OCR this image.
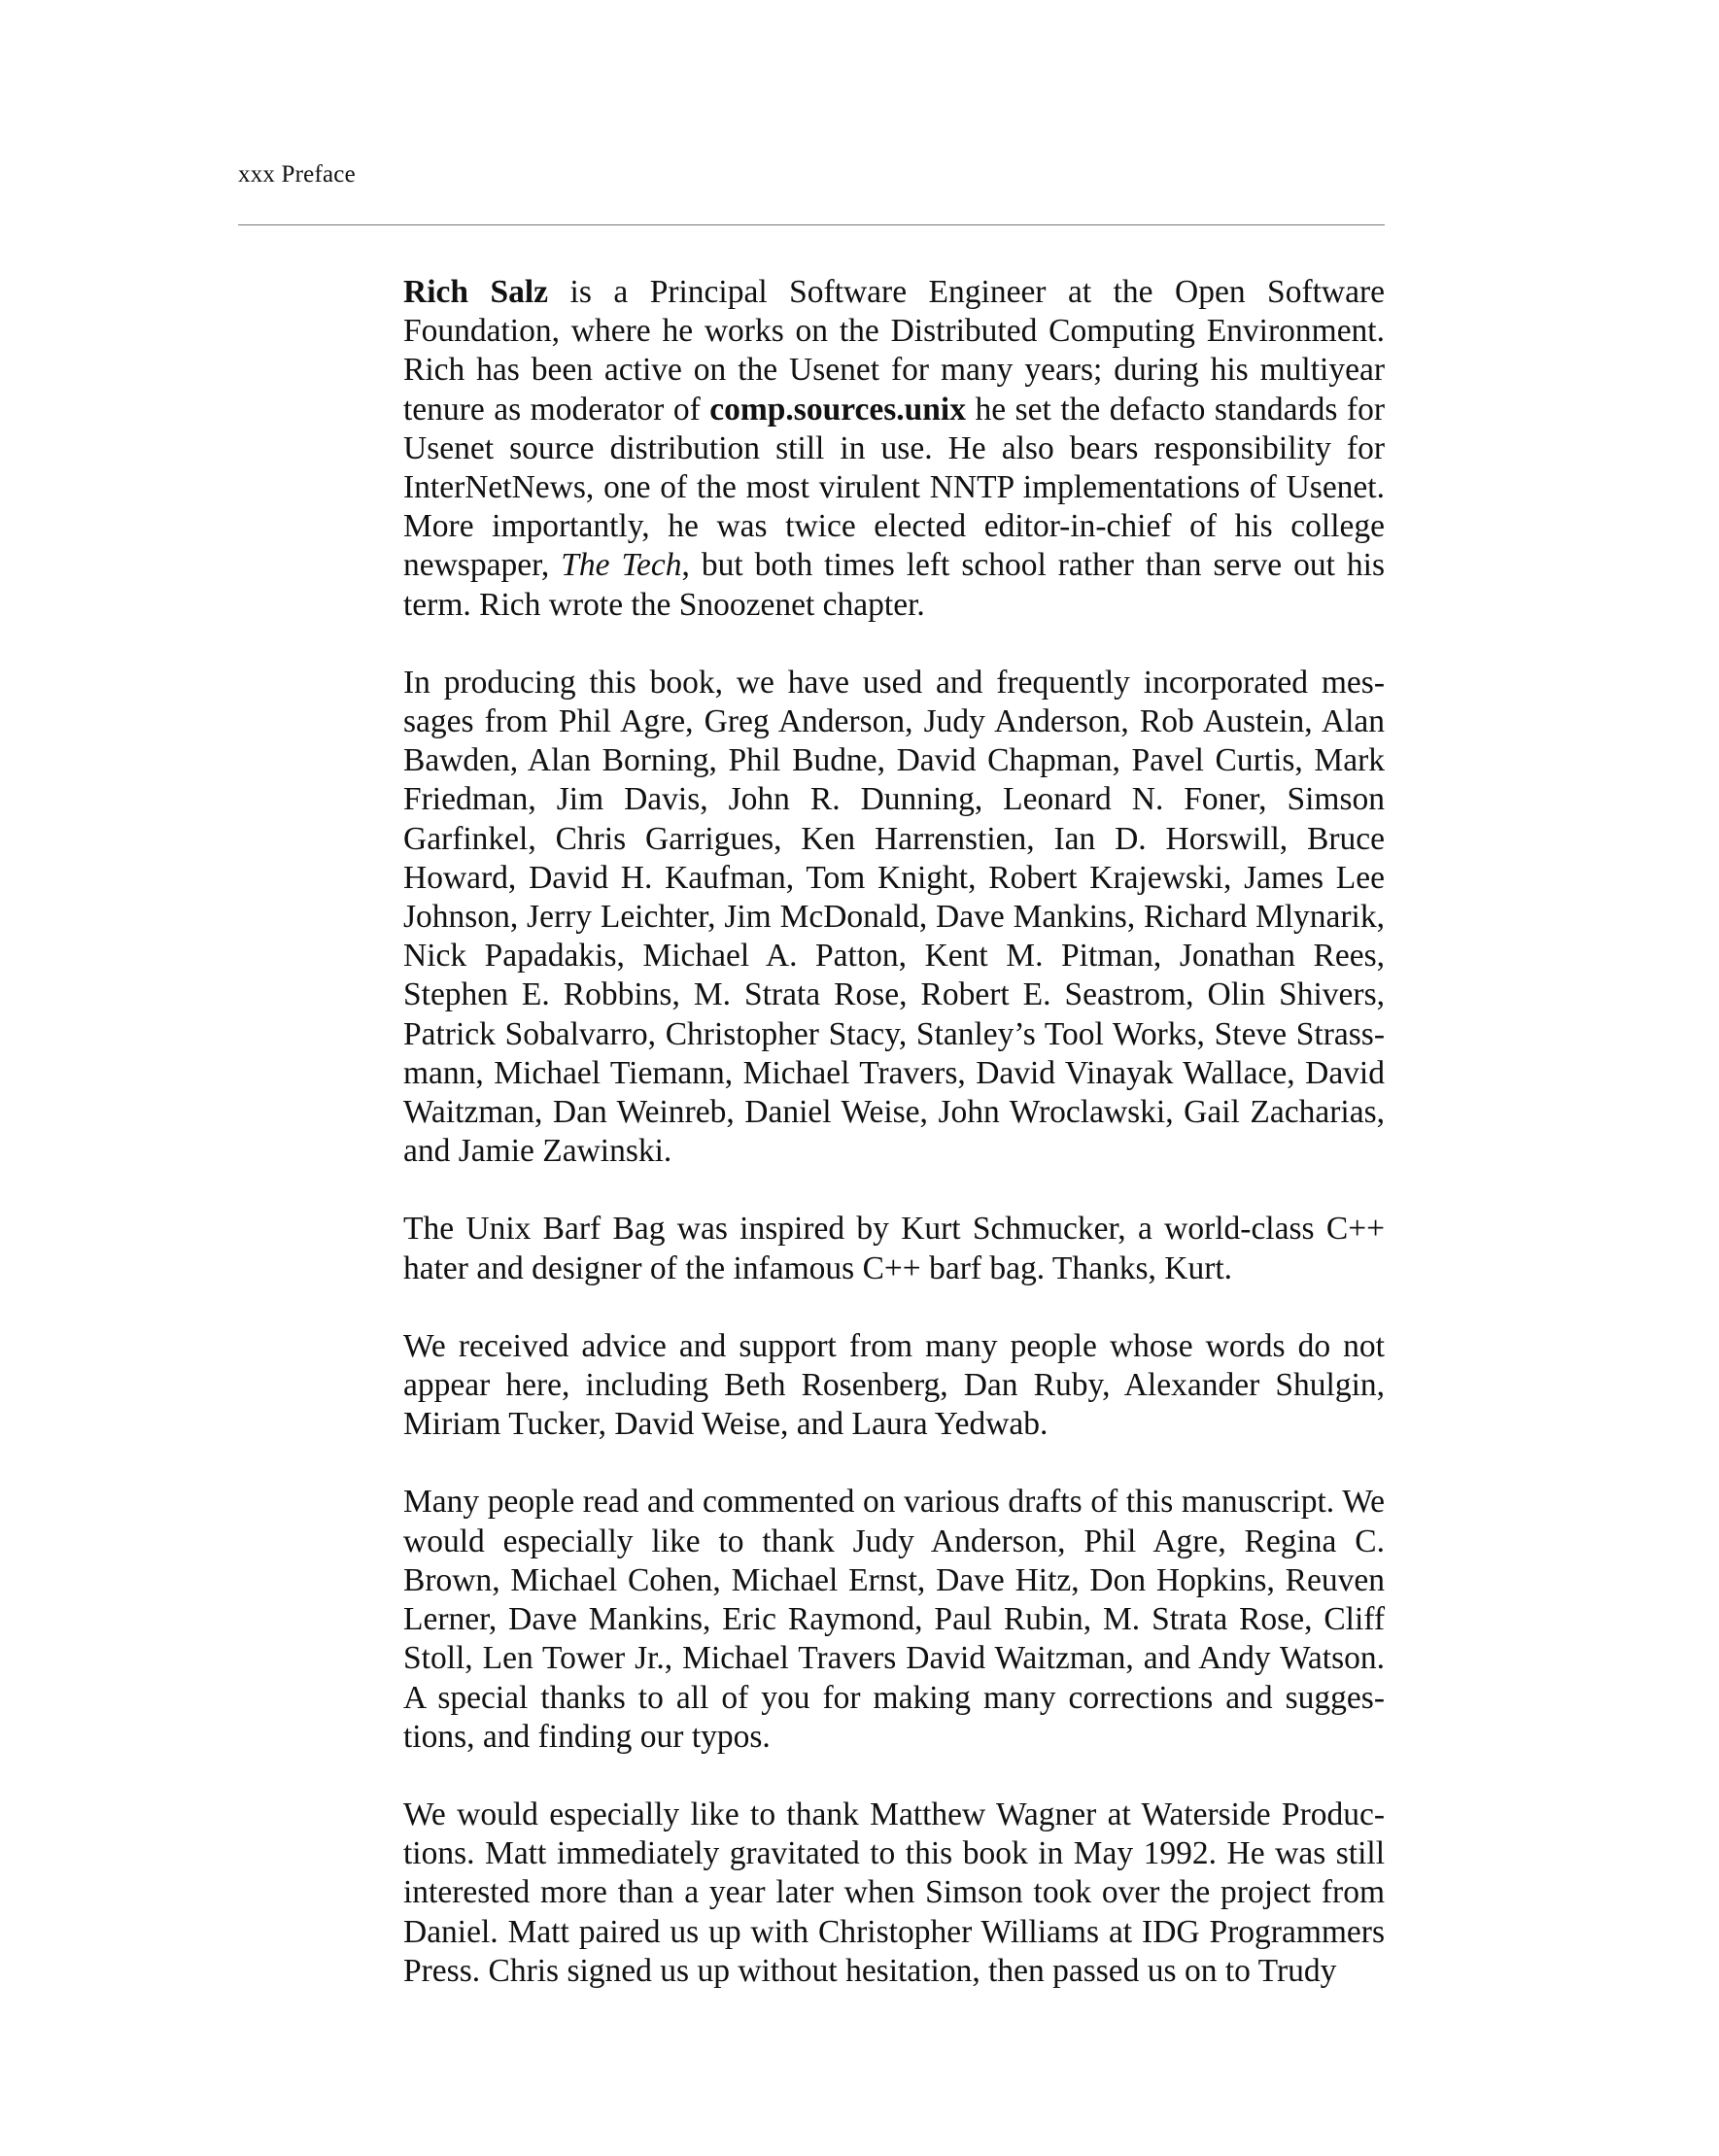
xxx Preface

Rich Salz is a Principal Software Engineer at the Open Software Foundation, where he works on the Distributed Computing Environment. Rich has been active on the Usenet for many years; during his multiyear tenure as moderator of comp.sources.unix he set the defacto standards for Usenet source distribution still in use. He also bears responsibility for InterNetNews, one of the most virulent NNTP implementations of Usenet. More importantly, he was twice elected editor-in-chief of his college newspaper, The Tech, but both times left school rather than serve out his term. Rich wrote the Snoozenet chapter.

In producing this book, we have used and frequently incorporated messages from Phil Agre, Greg Anderson, Judy Anderson, Rob Austein, Alan Bawden, Alan Borning, Phil Budne, David Chapman, Pavel Curtis, Mark Friedman, Jim Davis, John R. Dunning, Leonard N. Foner, Simson Garfinkel, Chris Garrigues, Ken Harrenstien, Ian D. Horswill, Bruce Howard, David H. Kaufman, Tom Knight, Robert Krajewski, James Lee Johnson, Jerry Leichter, Jim McDonald, Dave Mankins, Richard Mlynarik, Nick Papadakis, Michael A. Patton, Kent M. Pitman, Jonathan Rees, Stephen E. Robbins, M. Strata Rose, Robert E. Seastrom, Olin Shivers, Patrick Sobalvarro, Christopher Stacy, Stanley’s Tool Works, Steve Strassmann, Michael Tiemann, Michael Travers, David Vinayak Wallace, David Waitzman, Dan Weinreb, Daniel Weise, John Wroclawski, Gail Zacharias, and Jamie Zawinski.

The Unix Barf Bag was inspired by Kurt Schmucker, a world-class C++ hater and designer of the infamous C++ barf bag. Thanks, Kurt.

We received advice and support from many people whose words do not appear here, including Beth Rosenberg, Dan Ruby, Alexander Shulgin, Miriam Tucker, David Weise, and Laura Yedwab.

Many people read and commented on various drafts of this manuscript. We would especially like to thank Judy Anderson, Phil Agre, Regina C. Brown, Michael Cohen, Michael Ernst, Dave Hitz, Don Hopkins, Reuven Lerner, Dave Mankins, Eric Raymond, Paul Rubin, M. Strata Rose, Cliff Stoll, Len Tower Jr., Michael Travers David Waitzman, and Andy Watson. A special thanks to all of you for making many corrections and suggestions, and finding our typos.

We would especially like to thank Matthew Wagner at Waterside Productions. Matt immediately gravitated to this book in May 1992. He was still interested more than a year later when Simson took over the project from Daniel. Matt paired us up with Christopher Williams at IDG Programmers Press. Chris signed us up without hesitation, then passed us on to Trudy
